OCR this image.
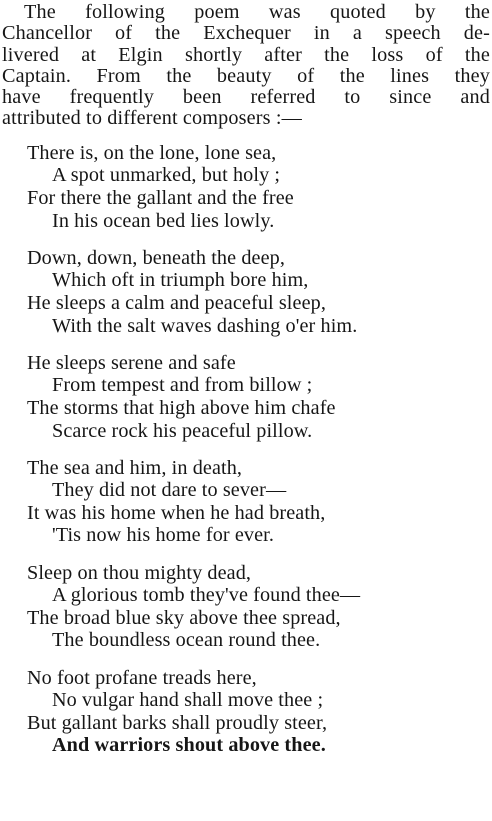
The following poem was quoted by the
Chancellor of the Exchequer in a speech de-
livered at Elgin shortly after the loss of the
Captain. From the beauty of the lines they
have frequently been referred to since and
attributed to different composers :—
There is, on the lone, lone sea,
A spot unmarked, but holy ;
For there the gallant and the free
In his ocean bed lies lowly.
Down, down, beneath the deep,
Which oft in triumph bore him,
He sleeps a calm and peaceful sleep,
With the salt waves dashing o'er him.
He sleeps serene and safe
From tempest and from billow ;
The storms that high above him chafe
Scarce rock his peaceful pillow.
The sea and him, in death,
They did not dare to sever—
It was his home when he had breath,
'Tis now his home for ever.
Sleep on thou mighty dead,
A glorious tomb they've found thee—
The broad blue sky above thee spread,
The boundless ocean round thee.
No foot profane treads here,
No vulgar hand shall move thee ;
But gallant barks shall proudly steer,
And warriors shout above thee.
